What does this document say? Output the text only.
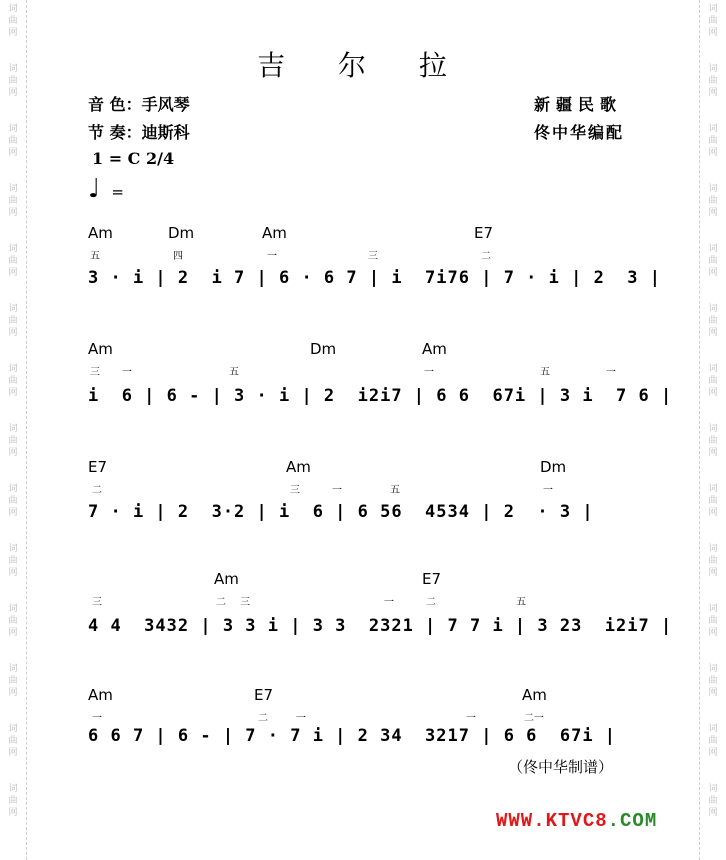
词
曲
网
词
曲
网
词
曲
网
词
曲
网
词
曲
网
词
曲
网
词
曲
网
词
曲
网
词
曲
网
词
曲
网
词
曲
网
词
曲
网
词
曲
网
词
曲
网
词
曲
网
词
曲
网
词
曲
网
词
曲
网
词
曲
网
词
曲
网
词
曲
网
词
曲
网
词
曲
网
词
曲
网
词
曲
网
词
曲
网
词
曲
网
词
曲
网
吉 尔 拉
音 色：手风琴
节 奏：迪斯科
1 = C 2/4
♩ =
新疆民歌
佟中华编配
Am	Dm	Am	E7
五	四	一	三	二
3 · i | 2  i 7 | 6 · 6 7 | i  7i76 | 7 · i | 2  3 |
Am	Dm	Am
三 一	五	一	五	一
i  6 | 6 - | 3 · i | 2  i2i7 | 6 6  67i | 3 i  7 6 |
E7	Am	Dm
二	三	一	五	一
7 · i | 2  3·2 | i  6 | 6 56  4534 | 2  · 3 |
Am	E7
三	二 三	一	二	五
4 4  3432 | 3 3 i | 3 3  2321 | 7 7 i | 3 23  i2i7 |
Am	E7	Am
一	二	一	一	二一
6 6 7 | 6 - | 7 · 7 i | 2 34  3217 | 6 6  67i |
（佟中华制谱）
WWW.KTVC8.COM
